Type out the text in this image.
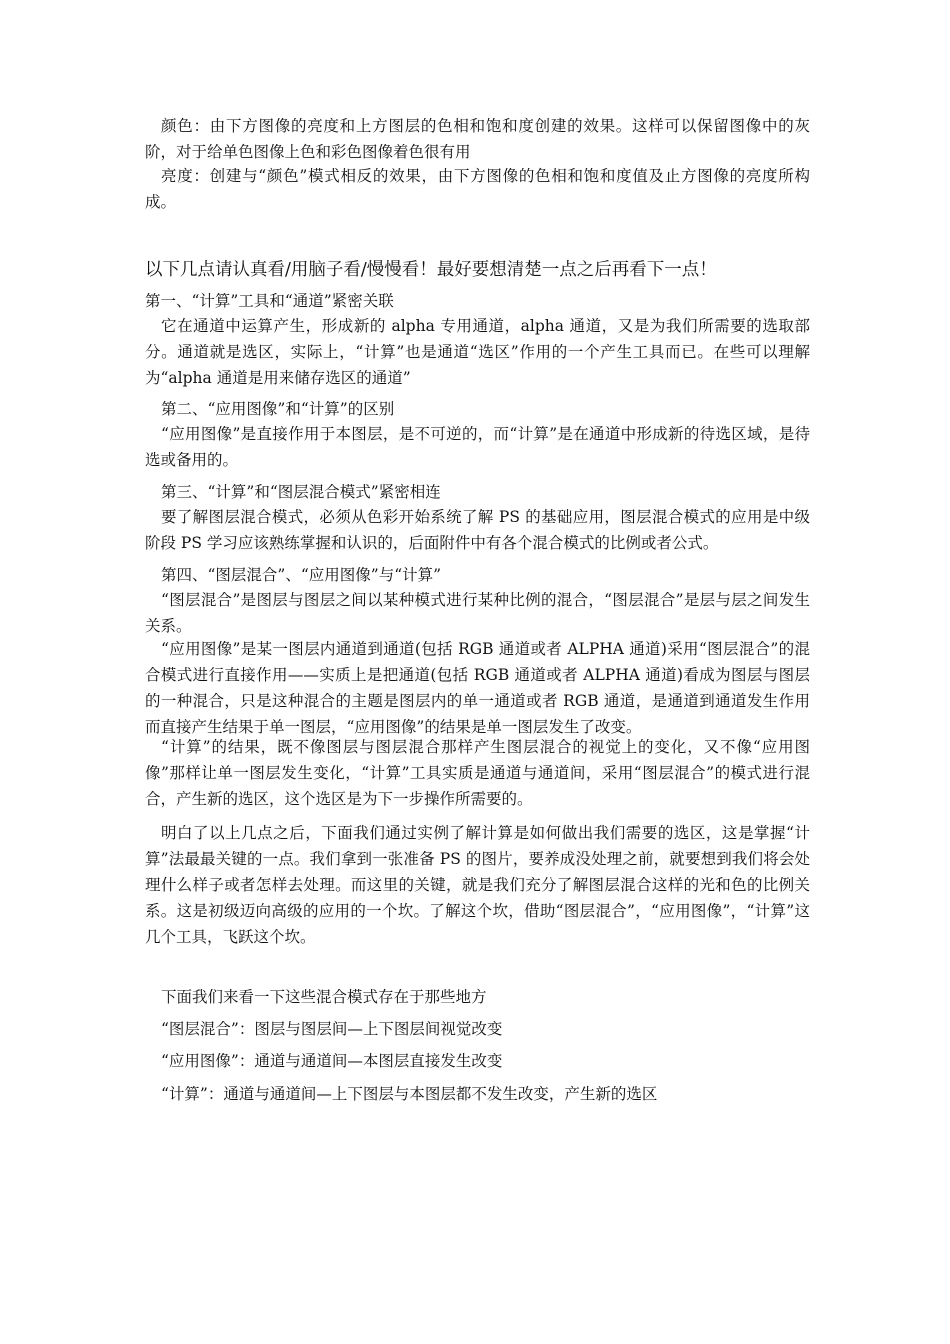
颜色：由下方图像的亮度和上方图层的色相和饱和度创建的效果。这样可以保留图像中的灰阶，对于给单色图像上色和彩色图像着色很有用

亮度：创建与“颜色”模式相反的效果，由下方图像的色相和饱和度值及止方图像的亮度所构成。

以下几点请认真看/用脑子看/慢慢看！最好要想清楚一点之后再看下一点！

第一、“计算”工具和“通道”紧密关联

它在通道中运算产生，形成新的 alpha 专用通道，alpha 通道，又是为我们所需要的选取部分。通道就是选区，实际上，“计算”也是通道“选区”作用的一个产生工具而已。在些可以理解为“alpha 通道是用来储存选区的通道”

第二、“应用图像”和“计算”的区别

“应用图像”是直接作用于本图层，是不可逆的，而“计算”是在通道中形成新的待选区域，是待选或备用的。

第三、“计算”和“图层混合模式”紧密相连

要了解图层混合模式，必须从色彩开始系统了解 PS 的基础应用，图层混合模式的应用是中级阶段 PS 学习应该熟练掌握和认识的，后面附件中有各个混合模式的比例或者公式。

第四、“图层混合”、“应用图像”与“计算”

“图层混合”是图层与图层之间以某种模式进行某种比例的混合，“图层混合”是层与层之间发生关系。

“应用图像”是某一图层内通道到通道(包括 RGB 通道或者 ALPHA 通道)采用“图层混合”的混合模式进行直接作用——实质上是把通道(包括 RGB 通道或者 ALPHA 通道)看成为图层与图层的一种混合，只是这种混合的主题是图层内的单一通道或者 RGB 通道，是通道到通道发生作用而直接产生结果于单一图层，“应用图像”的结果是单一图层发生了改变。

“计算”的结果，既不像图层与图层混合那样产生图层混合的视觉上的变化，又不像“应用图像”那样让单一图层发生变化，“计算”工具实质是通道与通道间，采用“图层混合”的模式进行混合，产生新的选区，这个选区是为下一步操作所需要的。

明白了以上几点之后，下面我们通过实例了解计算是如何做出我们需要的选区，这是掌握“计算”法最最关键的一点。我们拿到一张准备 PS 的图片，要养成没处理之前，就要想到我们将会处理什么样子或者怎样去处理。而这里的关键，就是我们充分了解图层混合这样的光和色的比例关系。这是初级迈向高级的应用的一个坎。了解这个坎，借助“图层混合”，“应用图像”，“计算”这几个工具，飞跃这个坎。

下面我们来看一下这些混合模式存在于那些地方

“图层混合”：图层与图层间—上下图层间视觉改变

“应用图像”：通道与通道间—本图层直接发生改变

“计算”：通道与通道间—上下图层与本图层都不发生改变，产生新的选区
